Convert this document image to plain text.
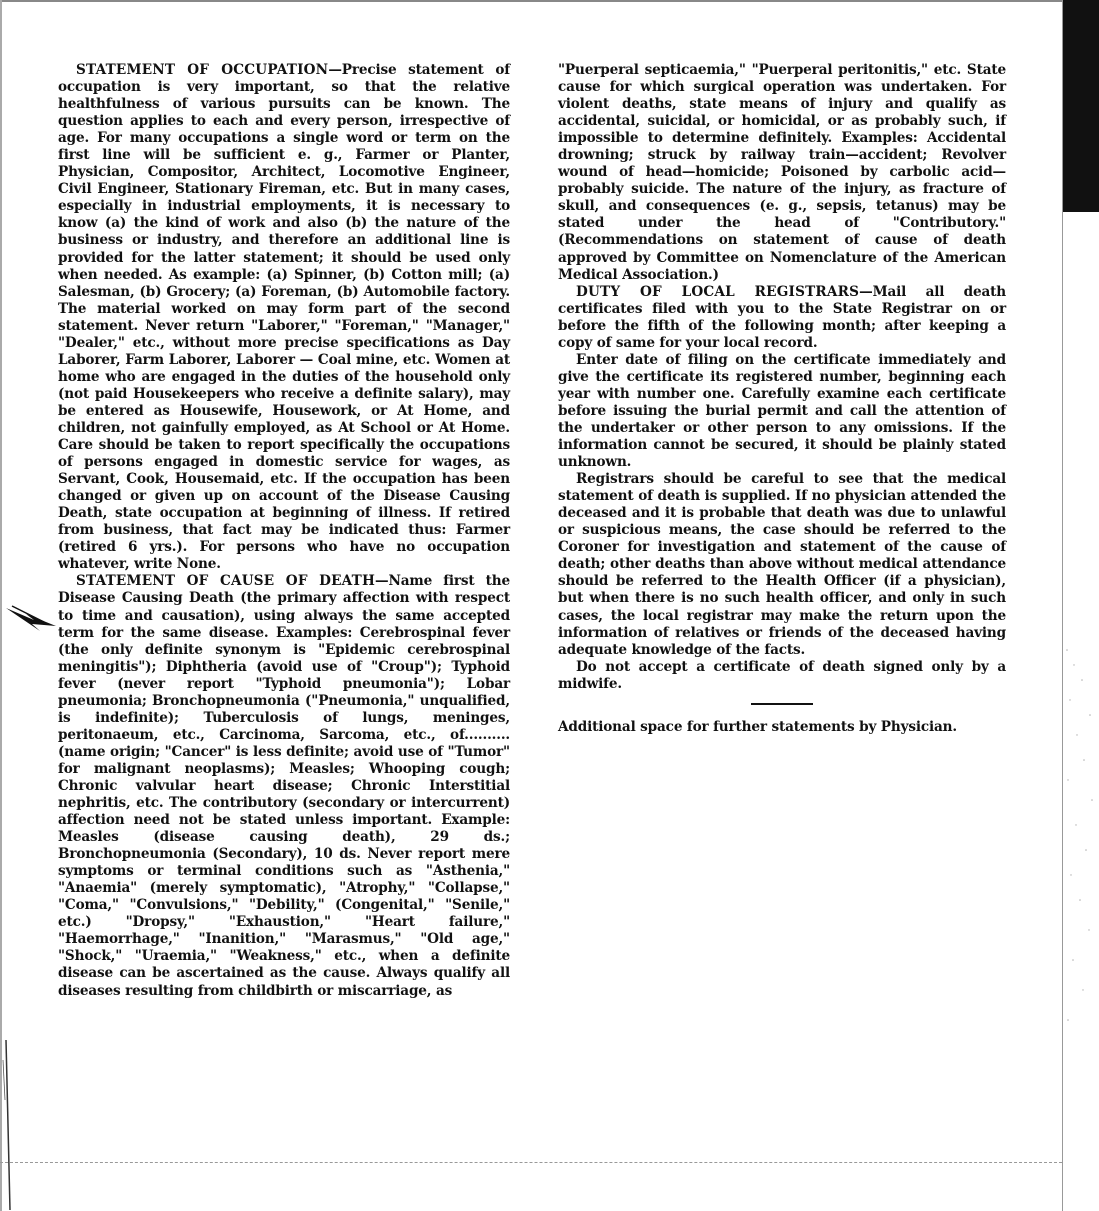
STATEMENT OF OCCUPATION—Precise statement of occupation is very important, so that the relative healthfulness of various pursuits can be known. The question applies to each and every person, irrespective of age. For many occupations a single word or term on the first line will be sufficient e. g., Farmer or Planter, Physician, Compositor, Architect, Locomotive Engineer, Civil Engineer, Stationary Fireman, etc. But in many cases, especially in industrial employments, it is necessary to know (a) the kind of work and also (b) the nature of the business or industry, and therefore an additional line is provided for the latter statement; it should be used only when needed. As example: (a) Spinner, (b) Cotton mill; (a) Salesman, (b) Grocery; (a) Foreman, (b) Automobile factory. The material worked on may form part of the second statement. Never return "Laborer," "Foreman," "Manager," "Dealer," etc., without more precise specifications as Day Laborer, Farm Laborer, Laborer — Coal mine, etc. Women at home who are engaged in the duties of the household only (not paid Housekeepers who receive a definite salary), may be entered as Housewife, Housework, or At Home, and children, not gainfully employed, as At School or At Home. Care should be taken to report specifically the occupations of persons engaged in domestic service for wages, as Servant, Cook, Housemaid, etc. If the occupation has been changed or given up on account of the Disease Causing Death, state occupation at beginning of illness. If retired from business, that fact may be indicated thus: Farmer (retired 6 yrs.). For persons who have no occupation whatever, write None.

STATEMENT OF CAUSE OF DEATH—Name first the Disease Causing Death (the primary affection with respect to time and causation), using always the same accepted term for the same disease. Examples: Cerebrospinal fever (the only definite synonym is "Epidemic cerebrospinal meningitis"); Diphtheria (avoid use of "Croup"); Typhoid fever (never report "Typhoid pneumonia"); Lobar pneumonia; Bronchopneumonia ("Pneumonia," unqualified, is indefinite); Tuberculosis of lungs, meninges, peritonaeum, etc., Carcinoma, Sarcoma, etc., of.......... (name origin; "Cancer" is less definite; avoid use of "Tumor" for malignant neoplasms); Measles; Whooping cough; Chronic valvular heart disease; Chronic Interstitial nephritis, etc. The contributory (secondary or intercurrent) affection need not be stated unless important. Example: Measles (disease causing death), 29 ds.; Bronchopneumonia (Secondary), 10 ds. Never report mere symptoms or terminal conditions such as "Asthenia," "Anaemia" (merely symptomatic), "Atrophy," "Collapse," "Coma," "Convulsions," "Debility," (Congenital," "Senile," etc.) "Dropsy," "Exhaustion," "Heart failure," "Haemorrhage," "Inanition," "Marasmus," "Old age," "Shock," "Uraemia," "Weakness," etc., when a definite disease can be ascertained as the cause. Always qualify all diseases resulting from childbirth or miscarriage, as

"Puerperal septicaemia," "Puerperal peritonitis," etc. State cause for which surgical operation was undertaken. For violent deaths, state means of injury and qualify as accidental, suicidal, or homicidal, or as probably such, if impossible to determine definitely. Examples: Accidental drowning; struck by railway train—accident; Revolver wound of head—homicide; Poisoned by carbolic acid—probably suicide. The nature of the injury, as fracture of skull, and consequences (e. g., sepsis, tetanus) may be stated under the head of "Contributory." (Recommendations on statement of cause of death approved by Committee on Nomenclature of the American Medical Association.)

DUTY OF LOCAL REGISTRARS—Mail all death certificates filed with you to the State Registrar on or before the fifth of the following month; after keeping a copy of same for your local record.

Enter date of filing on the certificate immediately and give the certificate its registered number, beginning each year with number one. Carefully examine each certificate before issuing the burial permit and call the attention of the undertaker or other person to any omissions. If the information cannot be secured, it should be plainly stated unknown.

Registrars should be careful to see that the medical statement of death is supplied. If no physician attended the deceased and it is probable that death was due to unlawful or suspicious means, the case should be referred to the Coroner for investigation and statement of the cause of death; other deaths than above without medical attendance should be referred to the Health Officer (if a physician), but when there is no such health officer, and only in such cases, the local registrar may make the return upon the information of relatives or friends of the deceased having adequate knowledge of the facts.

Do not accept a certificate of death signed only by a midwife.

Additional space for further statements by Physician.
